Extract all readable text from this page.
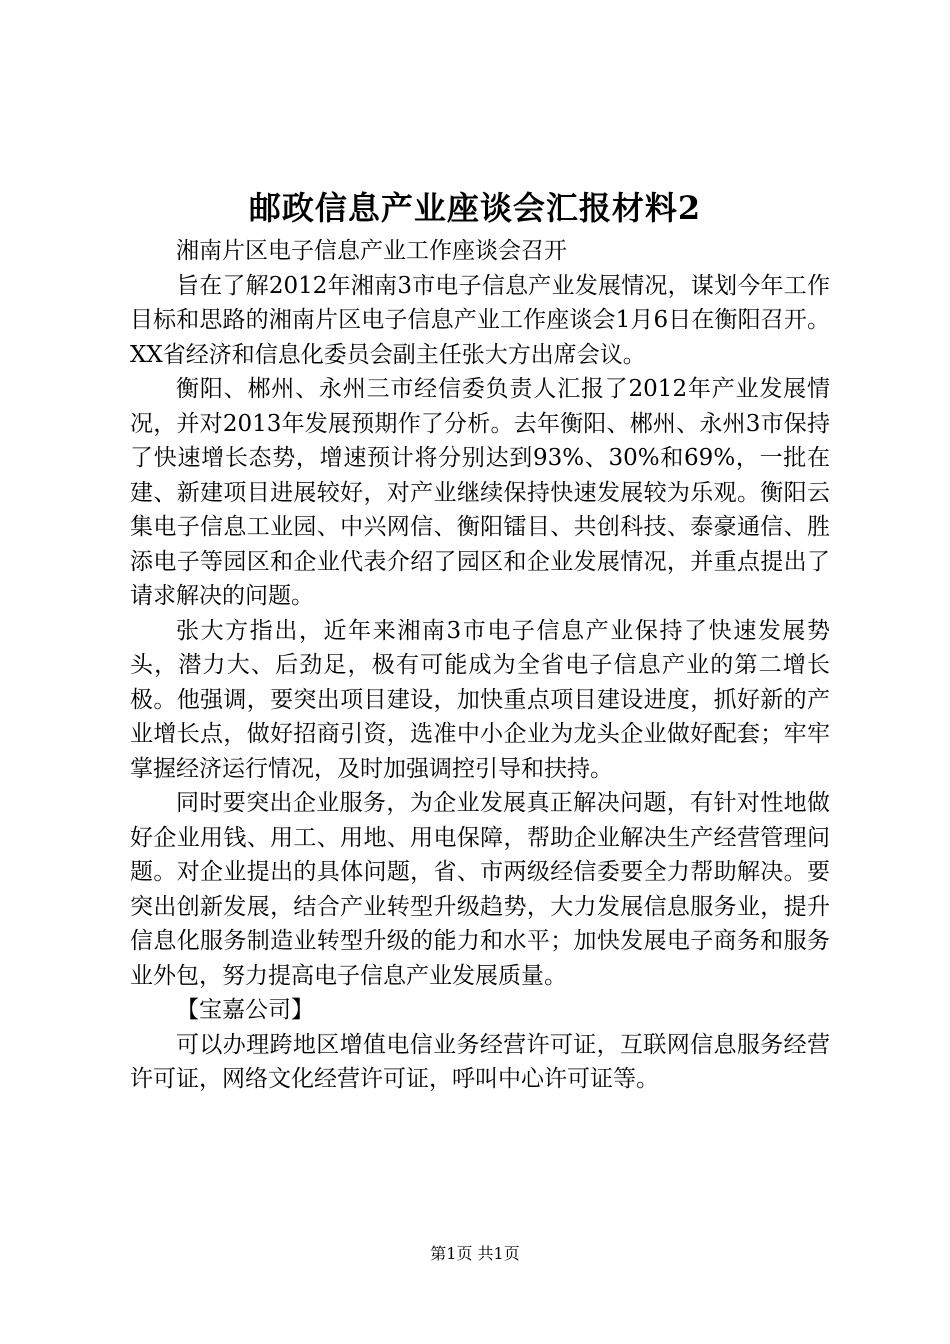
邮政信息产业座谈会汇报材料2

湘南片区电子信息产业工作座谈会召开

旨在了解2012年湘南3市电子信息产业发展情况，谋划今年工作目标和思路的湘南片区电子信息产业工作座谈会1月6日在衡阳召开。XX省经济和信息化委员会副主任张大方出席会议。

衡阳、郴州、永州三市经信委负责人汇报了2012年产业发展情况，并对2013年发展预期作了分析。去年衡阳、郴州、永州3市保持了快速增长态势，增速预计将分别达到93%、30%和69%，一批在建、新建项目进展较好，对产业继续保持快速发展较为乐观。衡阳云集电子信息工业园、中兴网信、衡阳镭目、共创科技、泰豪通信、胜添电子等园区和企业代表介绍了园区和企业发展情况，并重点提出了请求解决的问题。

张大方指出，近年来湘南3市电子信息产业保持了快速发展势头，潜力大、后劲足，极有可能成为全省电子信息产业的第二增长极。他强调，要突出项目建设，加快重点项目建设进度，抓好新的产业增长点，做好招商引资，选准中小企业为龙头企业做好配套；牢牢掌握经济运行情况，及时加强调控引导和扶持。

同时要突出企业服务，为企业发展真正解决问题，有针对性地做好企业用钱、用工、用地、用电保障，帮助企业解决生产经营管理问题。对企业提出的具体问题，省、市两级经信委要全力帮助解决。要突出创新发展，结合产业转型升级趋势，大力发展信息服务业，提升信息化服务制造业转型升级的能力和水平；加快发展电子商务和服务业外包，努力提高电子信息产业发展质量。

【宝嘉公司】

可以办理跨地区增值电信业务经营许可证，互联网信息服务经营许可证，网络文化经营许可证，呼叫中心许可证等。

第1页 共1页
